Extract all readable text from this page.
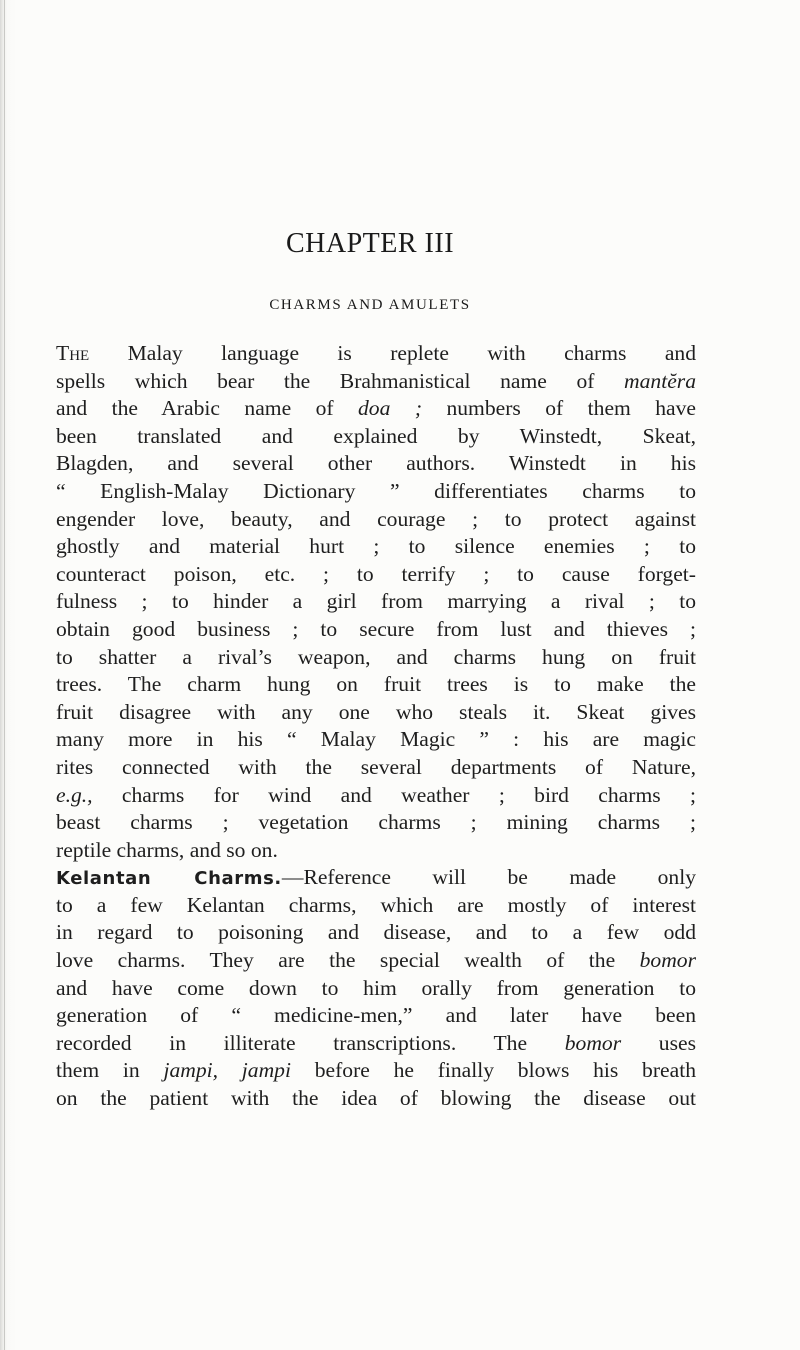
CHAPTER III
CHARMS AND AMULETS
The Malay language is replete with charms and
spells which bear the Brahmanistical name of mantĕra
and the Arabic name of doa ; numbers of them have
been translated and explained by Winstedt, Skeat,
Blagden, and several other authors. Winstedt in his
“ English-Malay Dictionary ” differentiates charms to
engender love, beauty, and courage ; to protect against
ghostly and material hurt ; to silence enemies ; to
counteract poison, etc. ; to terrify ; to cause forget-
fulness ; to hinder a girl from marrying a rival ; to
obtain good business ; to secure from lust and thieves ;
to shatter a rival’s weapon, and charms hung on fruit
trees. The charm hung on fruit trees is to make the
fruit disagree with any one who steals it. Skeat gives
many more in his “ Malay Magic ” : his are magic
rites connected with the several departments of Nature,
e.g., charms for wind and weather ; bird charms ;
beast charms ; vegetation charms ; mining charms ;
reptile charms, and so on.
Kelantan Charms.—Reference will be made only
to a few Kelantan charms, which are mostly of interest
in regard to poisoning and disease, and to a few odd
love charms. They are the special wealth of the bomor
and have come down to him orally from generation to
generation of “ medicine-men,” and later have been
recorded in illiterate transcriptions. The bomor uses
them in jampi, jampi before he finally blows his breath
on the patient with the idea of blowing the disease out
